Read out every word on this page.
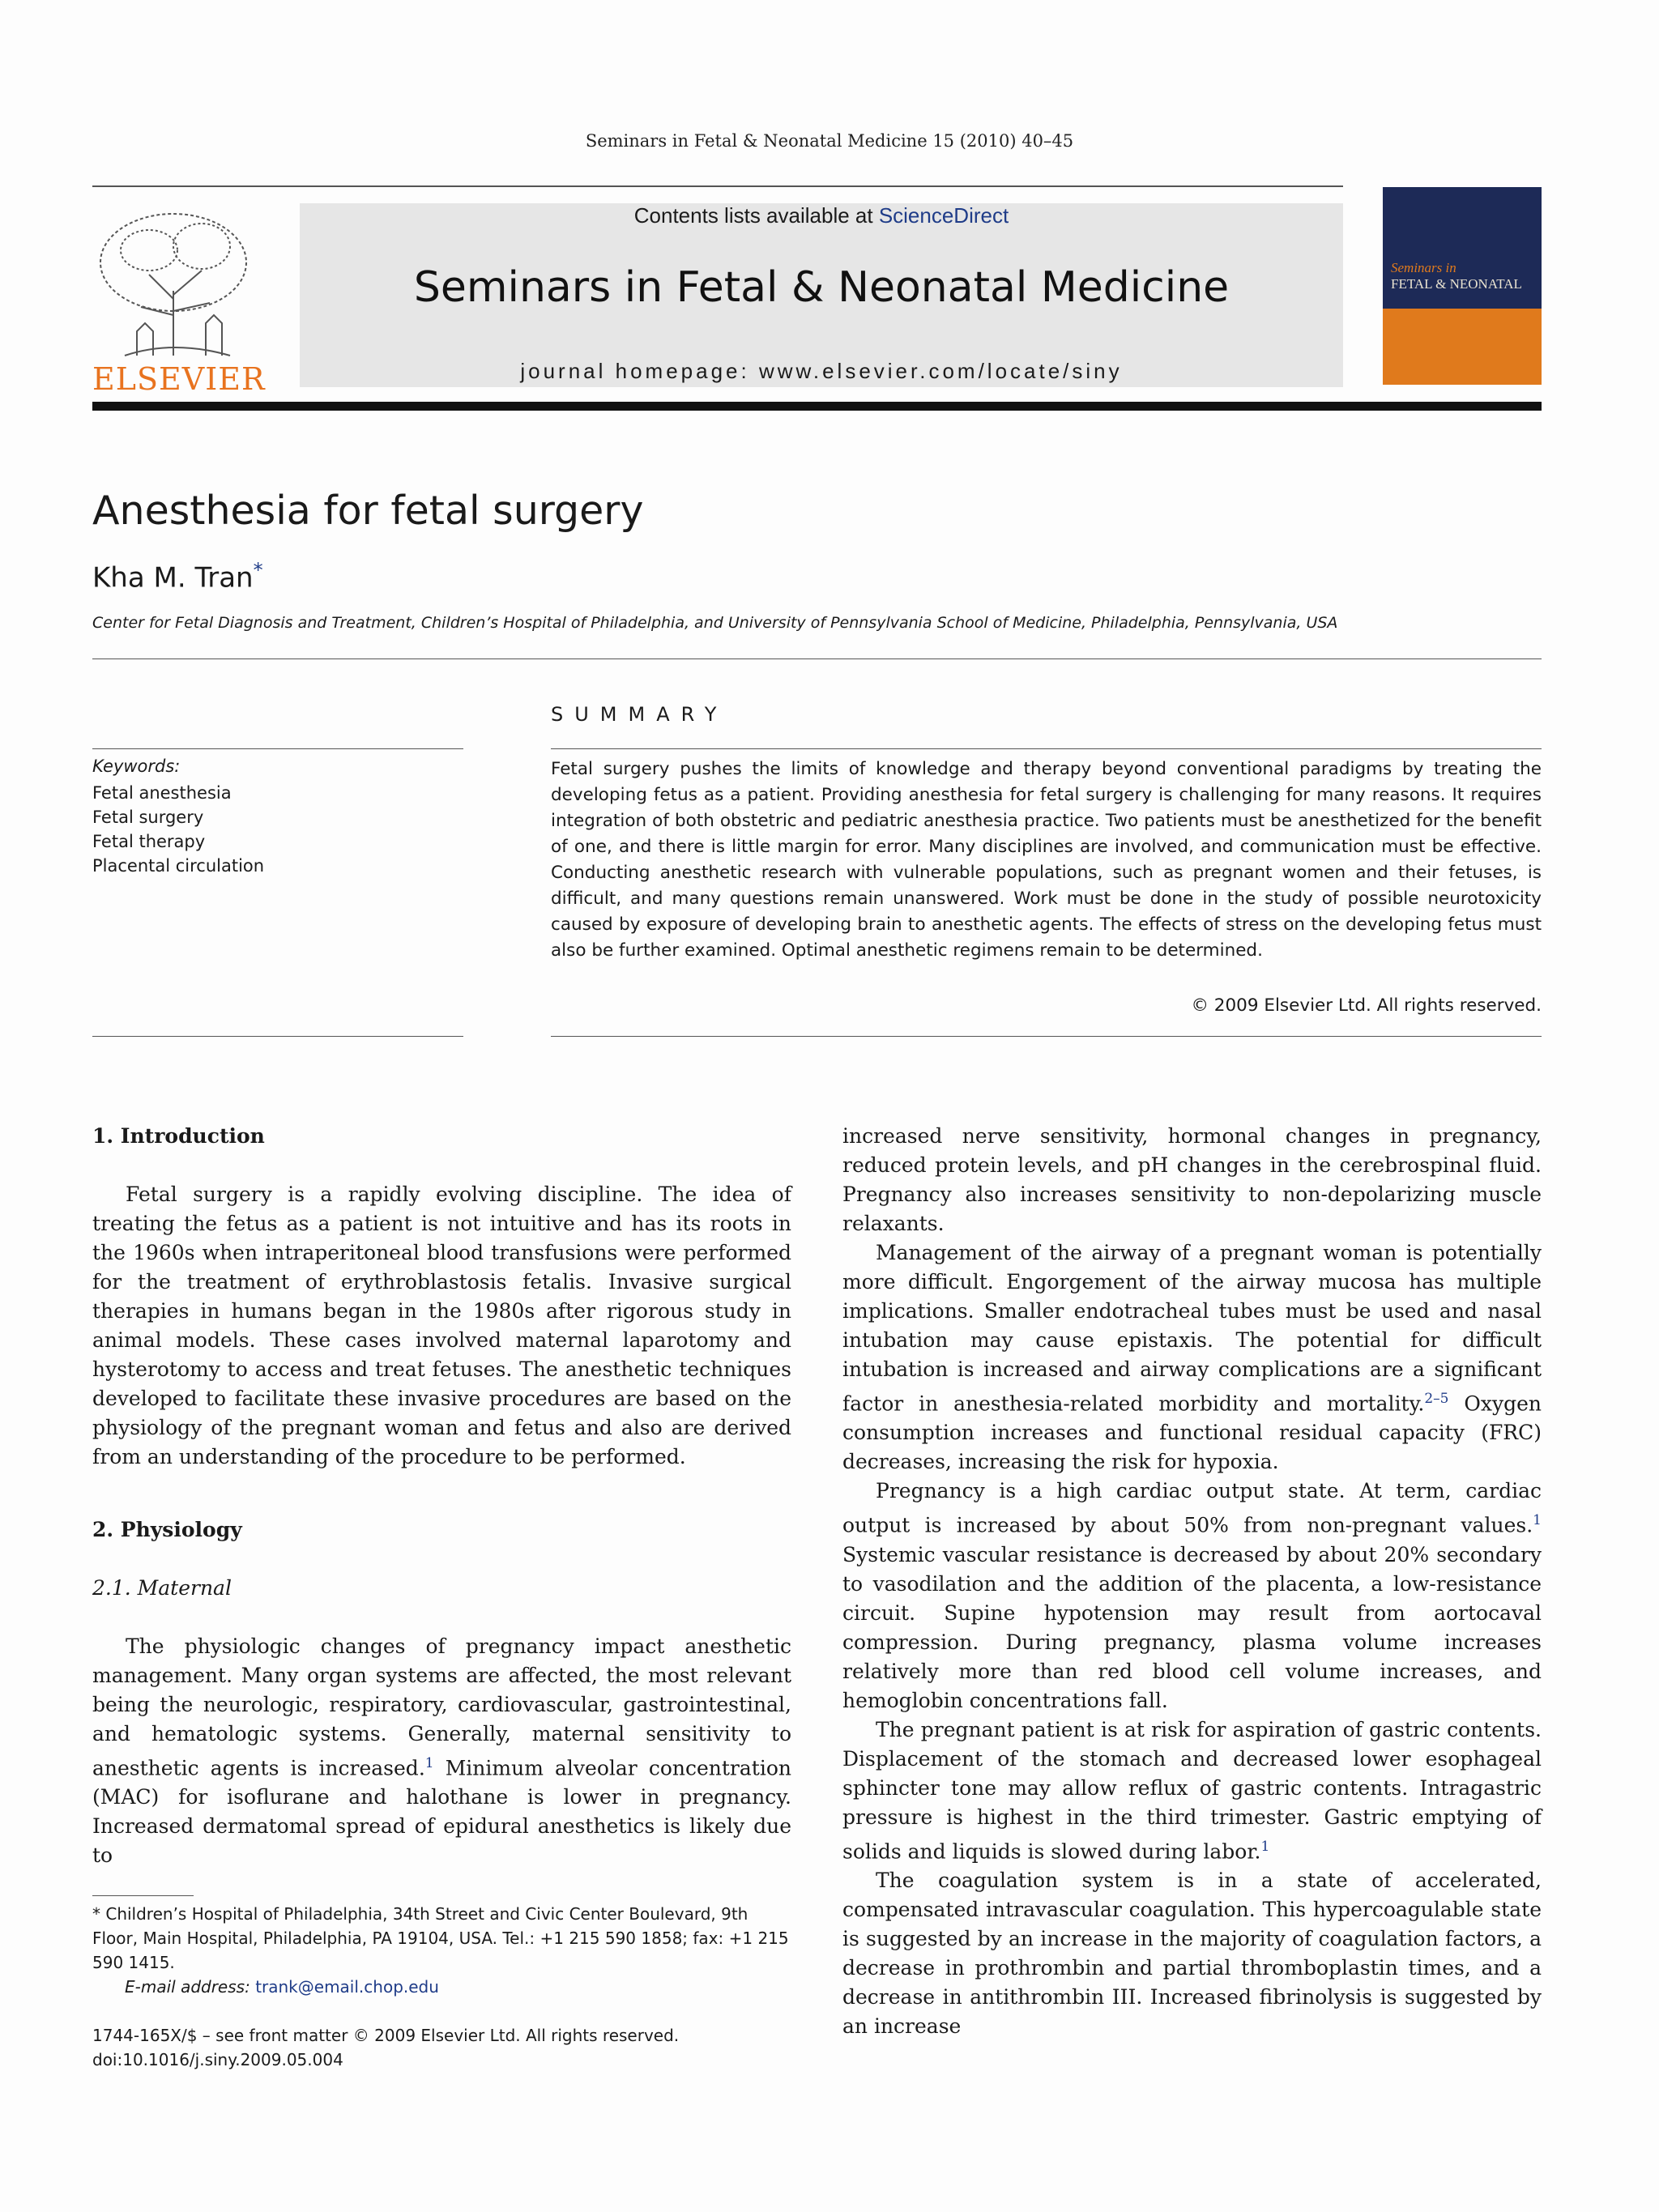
Seminars in Fetal & Neonatal Medicine 15 (2010) 40–45
ELSEVIER
Contents lists available at ScienceDirect
Seminars in Fetal & Neonatal Medicine
journal homepage: www.elsevier.com/locate/siny
Seminars in
FETAL & NEONATAL
Anesthesia for fetal surgery
Kha M. Tran*
Center for Fetal Diagnosis and Treatment, Children’s Hospital of Philadelphia, and University of Pennsylvania School of Medicine, Philadelphia, Pennsylvania, USA
SUMMARY
Keywords:
Fetal anesthesia
Fetal surgery
Fetal therapy
Placental circulation
Fetal surgery pushes the limits of knowledge and therapy beyond conventional paradigms by treating the developing fetus as a patient. Providing anesthesia for fetal surgery is challenging for many reasons. It requires integration of both obstetric and pediatric anesthesia practice. Two patients must be anesthetized for the benefit of one, and there is little margin for error. Many disciplines are involved, and communication must be effective. Conducting anesthetic research with vulnerable populations, such as pregnant women and their fetuses, is difficult, and many questions remain unanswered. Work must be done in the study of possible neurotoxicity caused by exposure of developing brain to anesthetic agents. The effects of stress on the developing fetus must also be further examined. Optimal anesthetic regimens remain to be determined.
© 2009 Elsevier Ltd. All rights reserved.
1. Introduction

Fetal surgery is a rapidly evolving discipline. The idea of treating the fetus as a patient is not intuitive and has its roots in the 1960s when intraperitoneal blood transfusions were performed for the treatment of erythroblastosis fetalis. Invasive surgical therapies in humans began in the 1980s after rigorous study in animal models. These cases involved maternal laparotomy and hysterotomy to access and treat fetuses. The anesthetic techniques developed to facilitate these invasive procedures are based on the physiology of the pregnant woman and fetus and also are derived from an understanding of the procedure to be performed.

2. Physiology
2.1. Maternal

The physiologic changes of pregnancy impact anesthetic management. Many organ systems are affected, the most relevant being the neurologic, respiratory, cardiovascular, gastrointestinal, and hematologic systems. Generally, maternal sensitivity to anesthetic agents is increased.$^1$ Minimum alveolar concentration (MAC) for isoflurane and halothane is lower in pregnancy. Increased dermatomal spread of epidural anesthetics is likely due to

* Children’s Hospital of Philadelphia, 34th Street and Civic Center Boulevard, 9th Floor, Main Hospital, Philadelphia, PA 19104, USA. Tel.: +1 215 590 1858; fax: +1 215 590 1415.
E-mail address: trank@email.chop.edu
1744-165X/$ – see front matter © 2009 Elsevier Ltd. All rights reserved.
doi:10.1016/j.siny.2009.05.004

increased nerve sensitivity, hormonal changes in pregnancy, reduced protein levels, and pH changes in the cerebrospinal fluid. Pregnancy also increases sensitivity to non-depolarizing muscle relaxants.

Management of the airway of a pregnant woman is potentially more difficult. Engorgement of the airway mucosa has multiple implications. Smaller endotracheal tubes must be used and nasal intubation may cause epistaxis. The potential for difficult intubation is increased and airway complications are a significant factor in anesthesia-related morbidity and mortality.$^{2-5}$ Oxygen consumption increases and functional residual capacity (FRC) decreases, increasing the risk for hypoxia.

Pregnancy is a high cardiac output state. At term, cardiac output is increased by about 50% from non-pregnant values.$^1$ Systemic vascular resistance is decreased by about 20% secondary to vasodilation and the addition of the placenta, a low-resistance circuit. Supine hypotension may result from aortocaval compression. During pregnancy, plasma volume increases relatively more than red blood cell volume increases, and hemoglobin concentrations fall.

The pregnant patient is at risk for aspiration of gastric contents. Displacement of the stomach and decreased lower esophageal sphincter tone may allow reflux of gastric contents. Intragastric pressure is highest in the third trimester. Gastric emptying of solids and liquids is slowed during labor.$^1$

The coagulation system is in a state of accelerated, compensated intravascular coagulation. This hypercoagulable state is suggested by an increase in the majority of coagulation factors, a decrease in prothrombin and partial thromboplastin times, and a decrease in antithrombin III. Increased fibrinolysis is suggested by an increase
